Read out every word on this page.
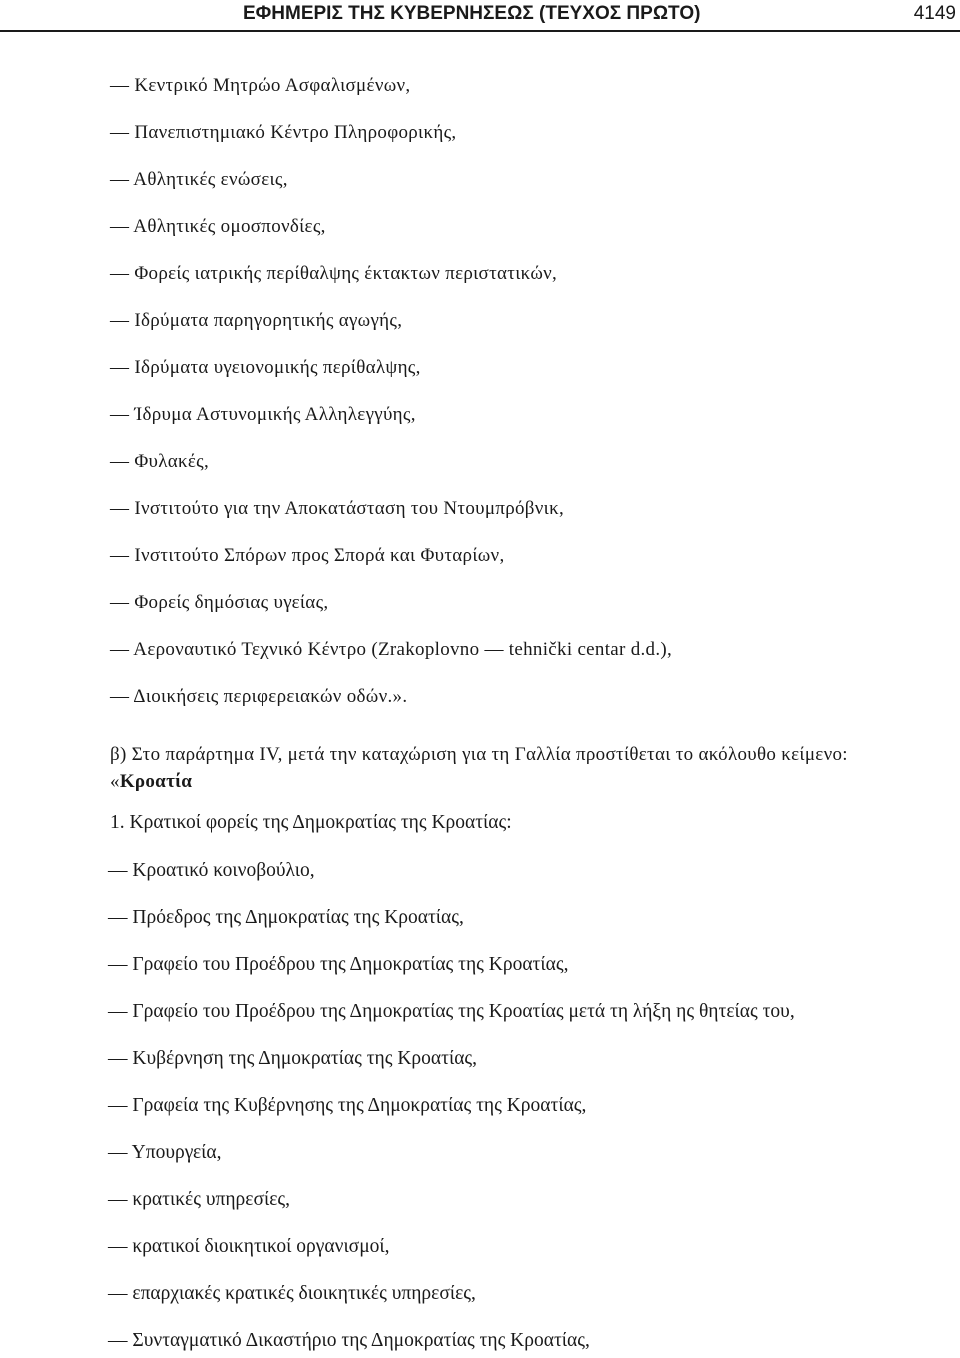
ΕΦΗΜΕΡΙΣ ΤΗΣ ΚΥΒΕΡΝΗΣΕΩΣ (ΤΕΥΧΟΣ ΠΡΩΤΟ)	4149
— Κεντρικό Μητρώο Ασφαλισμένων,
— Πανεπιστημιακό Κέντρο Πληροφορικής,
— Αθλητικές ενώσεις,
— Αθλητικές ομοσπονδίες,
— Φορείς ιατρικής περίθαλψης έκτακτων περιστατικών,
— Ιδρύματα παρηγορητικής αγωγής,
— Ιδρύματα υγειονομικής περίθαλψης,
— Ίδρυμα Αστυνομικής Αλληλεγγύης,
— Φυλακές,
— Ινστιτούτο για την Αποκατάσταση του Ντουμπρόβνικ,
— Ινστιτούτο Σπόρων προς Σπορά και Φυταρίων,
— Φορείς δημόσιας υγείας,
— Αεροναυτικό Τεχνικό Κέντρο (Zrakoplovno — tehnički centar d.d.),
— Διοικήσεις περιφερειακών οδών.».
β) Στο παράρτημα IV, μετά την καταχώριση για τη Γαλλία προστίθεται το ακόλουθο κείμενο:
«Κροατία
1. Κρατικοί φορείς της Δημοκρατίας της Κροατίας:
— Κροατικό κοινοβούλιο,
— Πρόεδρος της Δημοκρατίας της Κροατίας,
— Γραφείο του Προέδρου της Δημοκρατίας της Κροατίας,
— Γραφείο του Προέδρου της Δημοκρατίας της Κροατίας μετά τη λήξη ης θητείας του,
— Κυβέρνηση της Δημοκρατίας της Κροατίας,
— Γραφεία της Κυβέρνησης της Δημοκρατίας της Κροατίας,
— Υπουργεία,
— κρατικές υπηρεσίες,
— κρατικοί διοικητικοί οργανισμοί,
— επαρχιακές κρατικές διοικητικές υπηρεσίες,
— Συνταγματικό Δικαστήριο της Δημοκρατίας της Κροατίας,
